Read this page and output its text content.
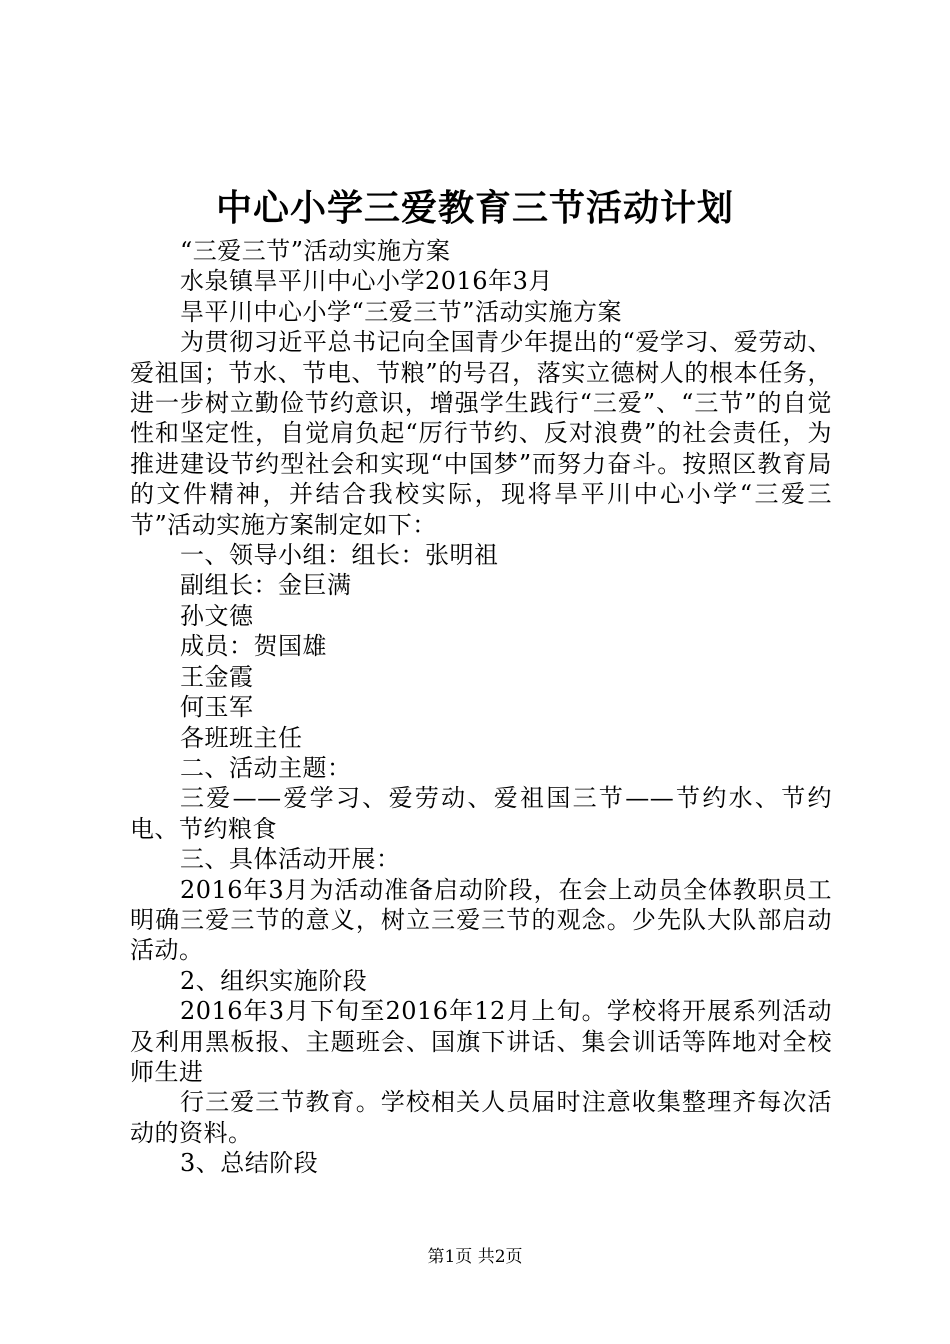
中心小学三爱教育三节活动计划

“三爱三节”活动实施方案

水泉镇旱平川中心小学2016年3月

旱平川中心小学“三爱三节”活动实施方案

为贯彻习近平总书记向全国青少年提出的“爱学习、爱劳动、爱祖国；节水、节电、节粮”的号召，落实立德树人的根本任务，进一步树立勤俭节约意识，增强学生践行“三爱”、“三节”的自觉性和坚定性，自觉肩负起“厉行节约、反对浪费”的社会责任，为推进建设节约型社会和实现“中国梦”而努力奋斗。按照区教育局的文件精神，并结合我校实际，现将旱平川中心小学“三爱三节”活动实施方案制定如下：

一、领导小组：组长：张明祖

副组长：金巨满

孙文德

成员：贺国雄

王金霞

何玉军

各班班主任

二、活动主题：

三爱——爱学习、爱劳动、爱祖国三节——节约水、节约电、节约粮食

三、具体活动开展：

2016年3月为活动准备启动阶段，在会上动员全体教职员工明确三爱三节的意义，树立三爱三节的观念。少先队大队部启动活动。

2、组织实施阶段

2016年3月下旬至2016年12月上旬。学校将开展系列活动及利用黑板报、主题班会、国旗下讲话、集会训话等阵地对全校师生进

行三爱三节教育。学校相关人员届时注意收集整理齐每次活动的资料。

3、总结阶段

第1页 共2页
